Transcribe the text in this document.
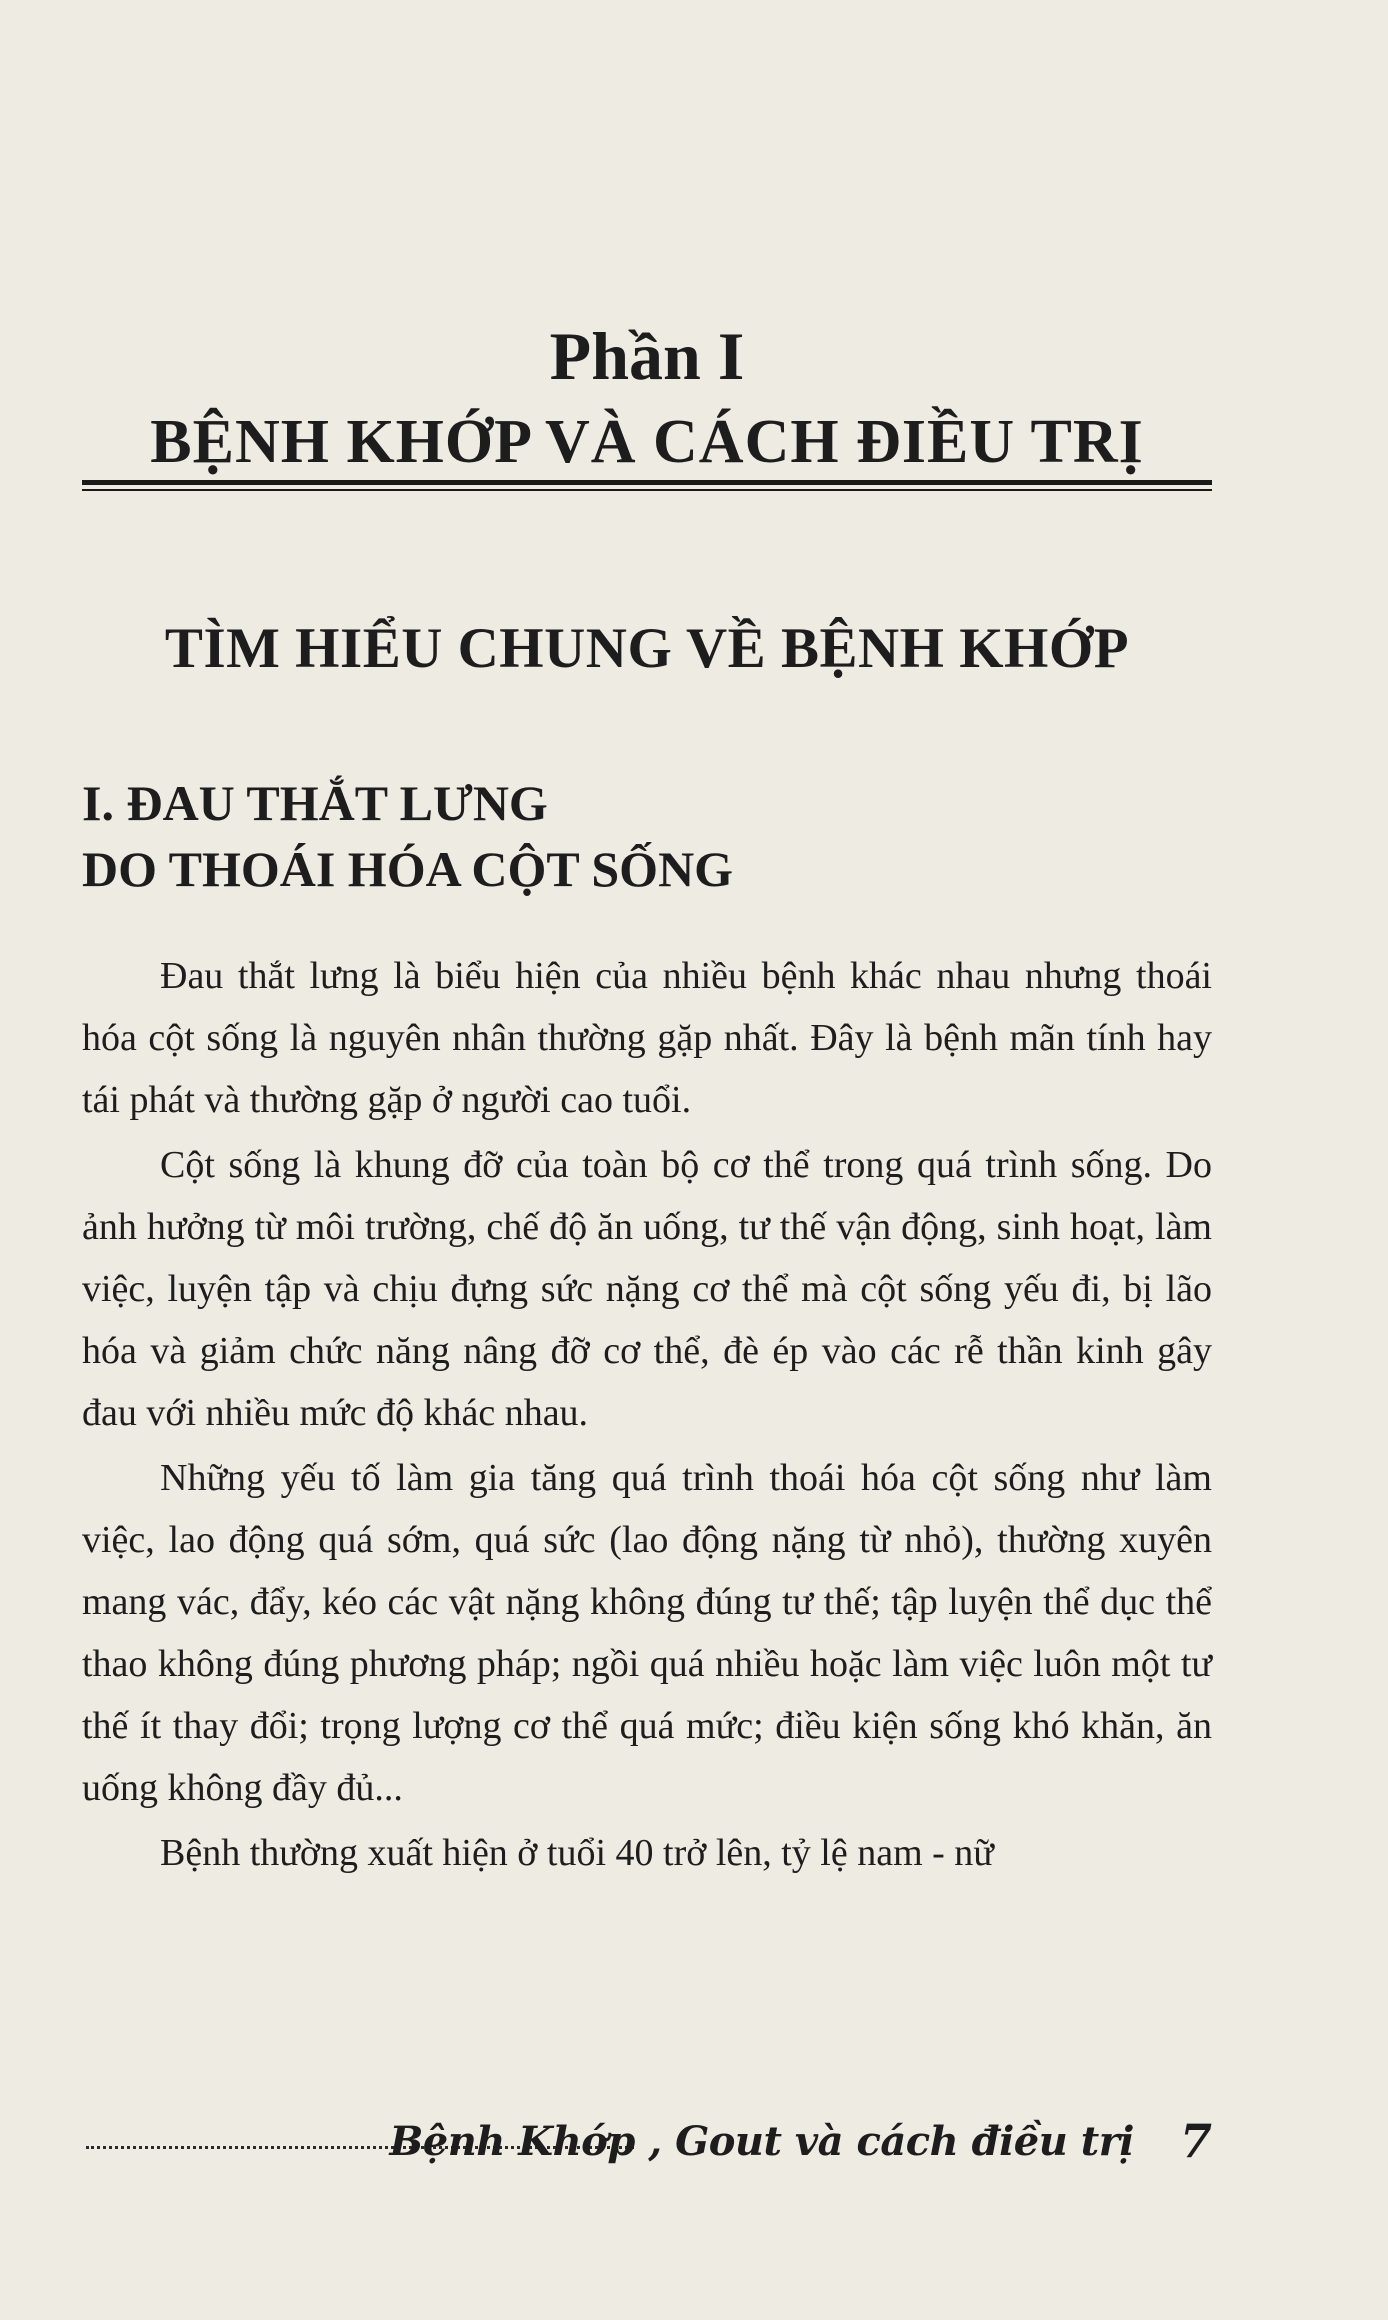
Phần I
BỆNH KHỚP VÀ CÁCH ĐIỀU TRỊ
TÌM HIỂU CHUNG VỀ BỆNH KHỚP
I. ĐAU THẮT LƯNG
DO THOÁI HÓA CỘT SỐNG

Đau thắt lưng là biểu hiện của nhiều bệnh khác nhau nhưng thoái hóa cột sống là nguyên nhân thường gặp nhất. Đây là bệnh mãn tính hay tái phát và thường gặp ở người cao tuổi.

Cột sống là khung đỡ của toàn bộ cơ thể trong quá trình sống. Do ảnh hưởng từ môi trường, chế độ ăn uống, tư thế vận động, sinh hoạt, làm việc, luyện tập và chịu đựng sức nặng cơ thể mà cột sống yếu đi, bị lão hóa và giảm chức năng nâng đỡ cơ thể, đè ép vào các rễ thần kinh gây đau với nhiều mức độ khác nhau.

Những yếu tố làm gia tăng quá trình thoái hóa cột sống như làm việc, lao động quá sớm, quá sức (lao động nặng từ nhỏ), thường xuyên mang vác, đẩy, kéo các vật nặng không đúng tư thế; tập luyện thể dục thể thao không đúng phương pháp; ngồi quá nhiều hoặc làm việc luôn một tư thế ít thay đổi; trọng lượng cơ thể quá mức; điều kiện sống khó khăn, ăn uống không đầy đủ...

Bệnh thường xuất hiện ở tuổi 40 trở lên, tỷ lệ nam - nữ

Bệnh Khớp , Gout và cách điều trị 7
